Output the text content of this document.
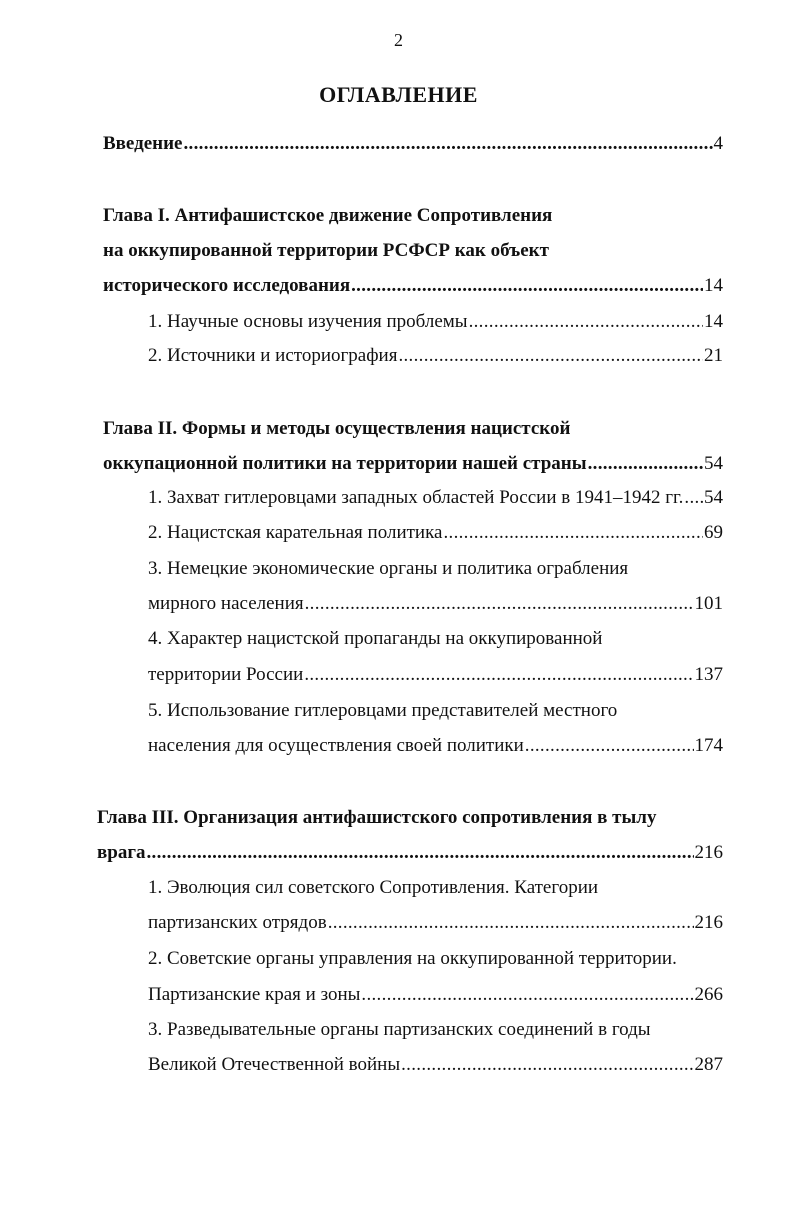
2
ОГЛАВЛЕНИЕ
Введение .....	4
Глава I. Антифашистское движение Сопротивления
на оккупированной территории РСФСР как объект
исторического исследования .....	14
1. Научные основы изучения проблемы .....	14
2. Источники и историография .....	21
Глава II. Формы и методы осуществления нацистской
оккупационной политики на территории нашей страны .....	54
1. Захват гитлеровцами западных областей России в 1941–1942 гг. ..... 54
2. Нацистская карательная политика .....	69
3. Немецкие экономические органы и политика ограбления
мирного населения .....	101
4. Характер нацистской пропаганды на оккупированной
территории России .....	137
5. Использование гитлеровцами представителей местного
населения для осуществления своей политики .....	174
Глава III. Организация антифашистского сопротивления в тылу
врага .....	216
1. Эволюция сил советского Сопротивления. Категории
партизанских отрядов .....	216
2. Советские органы управления на оккупированной территории.
Партизанские края и зоны .....	266
3. Разведывательные органы партизанских соединений в годы
Великой Отечественной войны .....	287
